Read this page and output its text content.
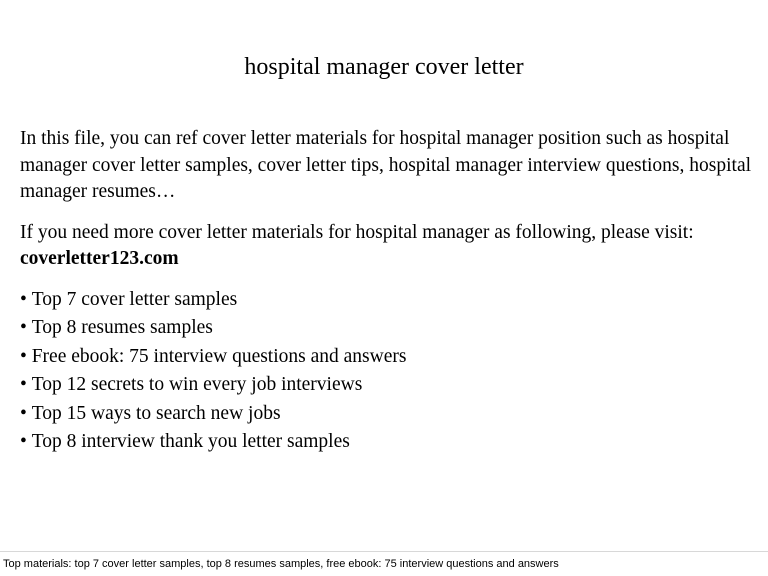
hospital manager cover letter

In this file, you can ref cover letter materials for hospital manager position such as hospital manager cover letter samples, cover letter tips, hospital manager interview questions, hospital manager resumes…

If you need more cover letter materials for hospital manager as following, please visit: coverletter123.com

• Top 7 cover letter samples
• Top 8 resumes samples
• Free ebook: 75 interview questions and answers
• Top 12 secrets to win every job interviews
• Top 15 ways to search new jobs
• Top 8 interview thank you letter samples
Top materials: top 7 cover letter samples, top 8 resumes samples, free ebook: 75 interview questions and answers
